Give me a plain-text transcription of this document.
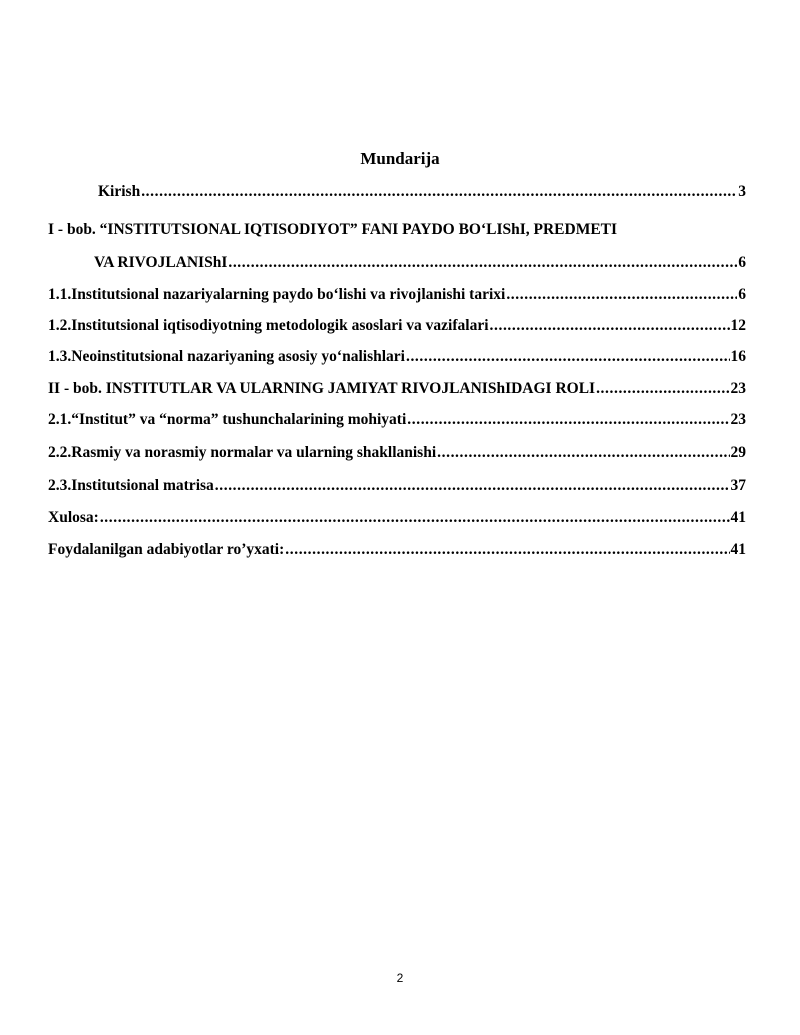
Mundarija
Kirish .....	3
I - bob. “INSTITUTSIONAL IQTISODIYOT” FANI PAYDO BO‘LIShI, PREDMETI
VA RIVOJLANIShI .....	6
1.1. Institutsional nazariyalarning paydo bo‘lishi va rivojlanishi tarixi .....	6
1.2. Institutsional iqtisodiyotning metodologik asoslari va vazifalari .....	12
1.3. Neoinstitutsional nazariyaning asosiy yo‘nalishlari .....	16
II - bob. INSTITUTLAR VA ULARNING JAMIYAT RIVOJLANIShIDAGI ROLI .....	23
2.1. “Institut” va “norma” tushunchalarining mohiyati .....	23
2.2.Rasmiy va norasmiy normalar va ularning shakllanishi .....	29
2.3.Institutsional matrisa .....	37
Xulosa: .....	41
Foydalanilgan adabiyotlar ro’yxati: .....	41
2
